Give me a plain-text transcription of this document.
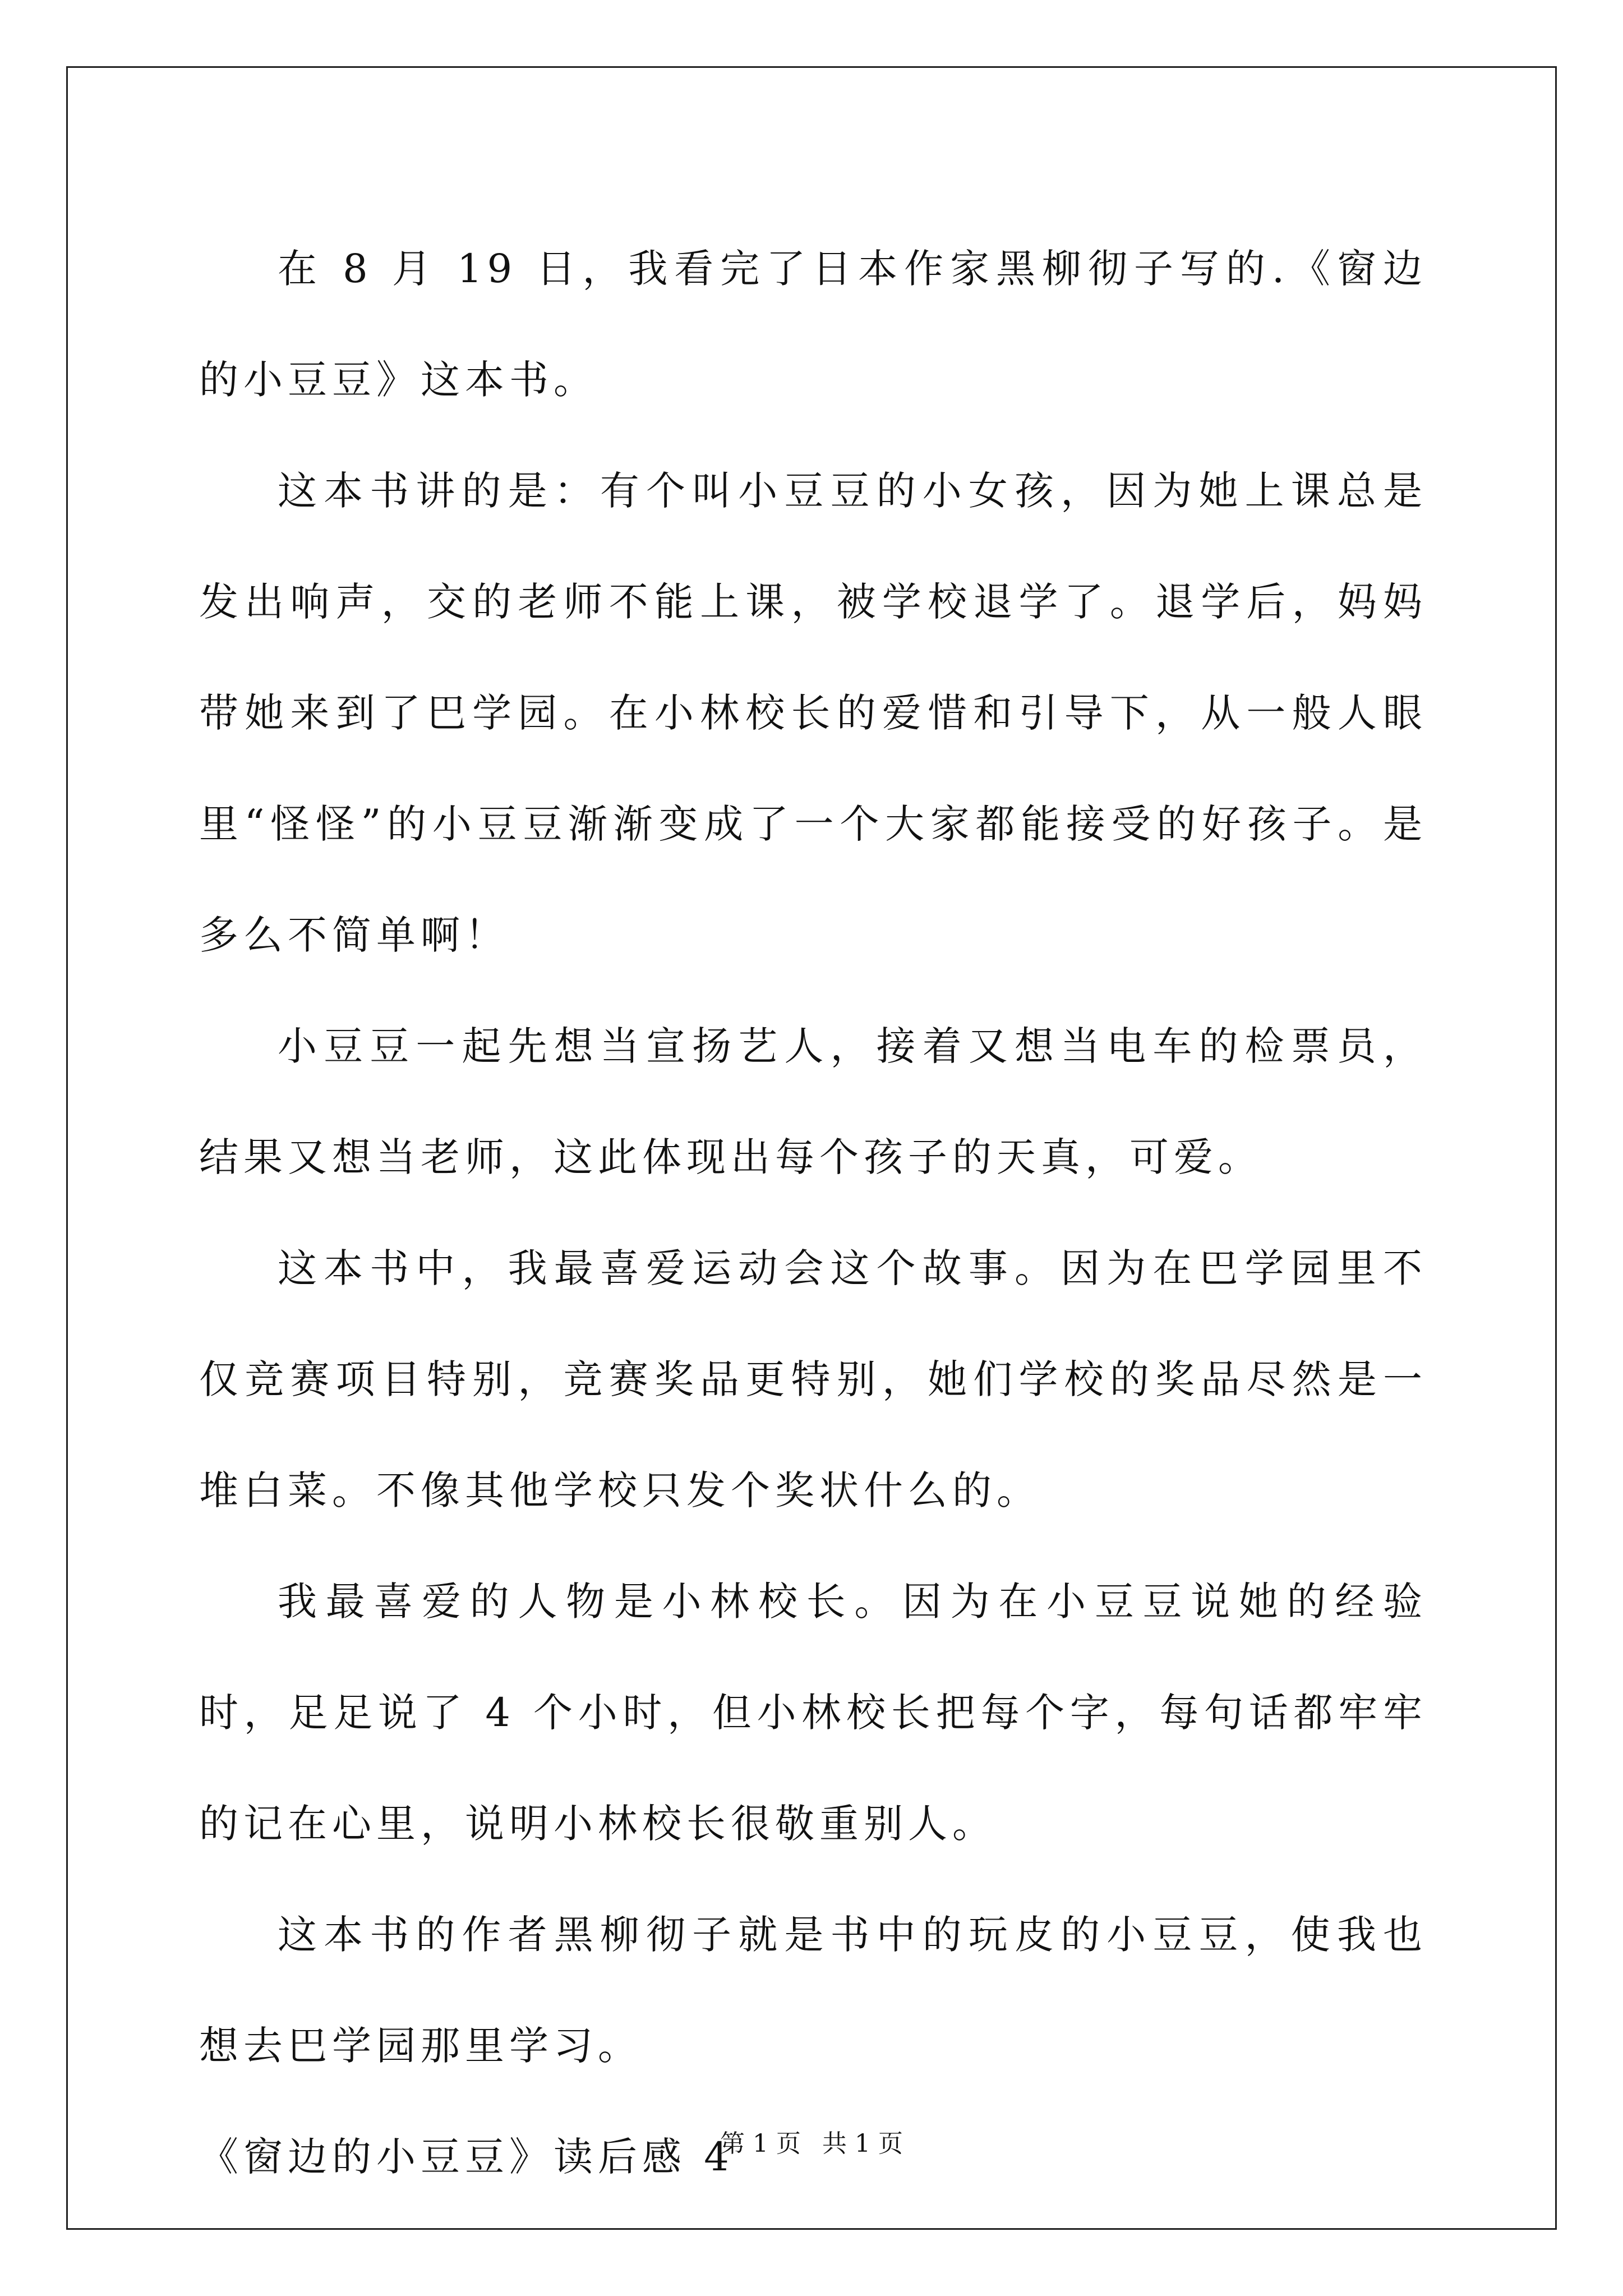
在 8 月 19 日，我看完了日本作家黑柳彻子写的.《窗边的小豆豆》这本书。

这本书讲的是：有个叫小豆豆的小女孩，因为她上课总是发出响声，交的老师不能上课，被学校退学了。退学后，妈妈带她来到了巴学园。在小林校长的爱惜和引导下，从一般人眼里“怪怪”的小豆豆渐渐变成了一个大家都能接受的好孩子。是多么不简单啊！

小豆豆一起先想当宣扬艺人，接着又想当电车的检票员，结果又想当老师，这此体现出每个孩子的天真，可爱。

这本书中，我最喜爱运动会这个故事。因为在巴学园里不仅竞赛项目特别，竞赛奖品更特别，她们学校的奖品尽然是一堆白菜。不像其他学校只发个奖状什么的。

我最喜爱的人物是小林校长。因为在小豆豆说她的经验时，足足说了 4 个小时，但小林校长把每个字，每句话都牢牢的记在心里，说明小林校长很敬重别人。

这本书的作者黑柳彻子就是书中的玩皮的小豆豆，使我也想去巴学园那里学习。

《窗边的小豆豆》读后感 4

第 1 页 共 1 页
